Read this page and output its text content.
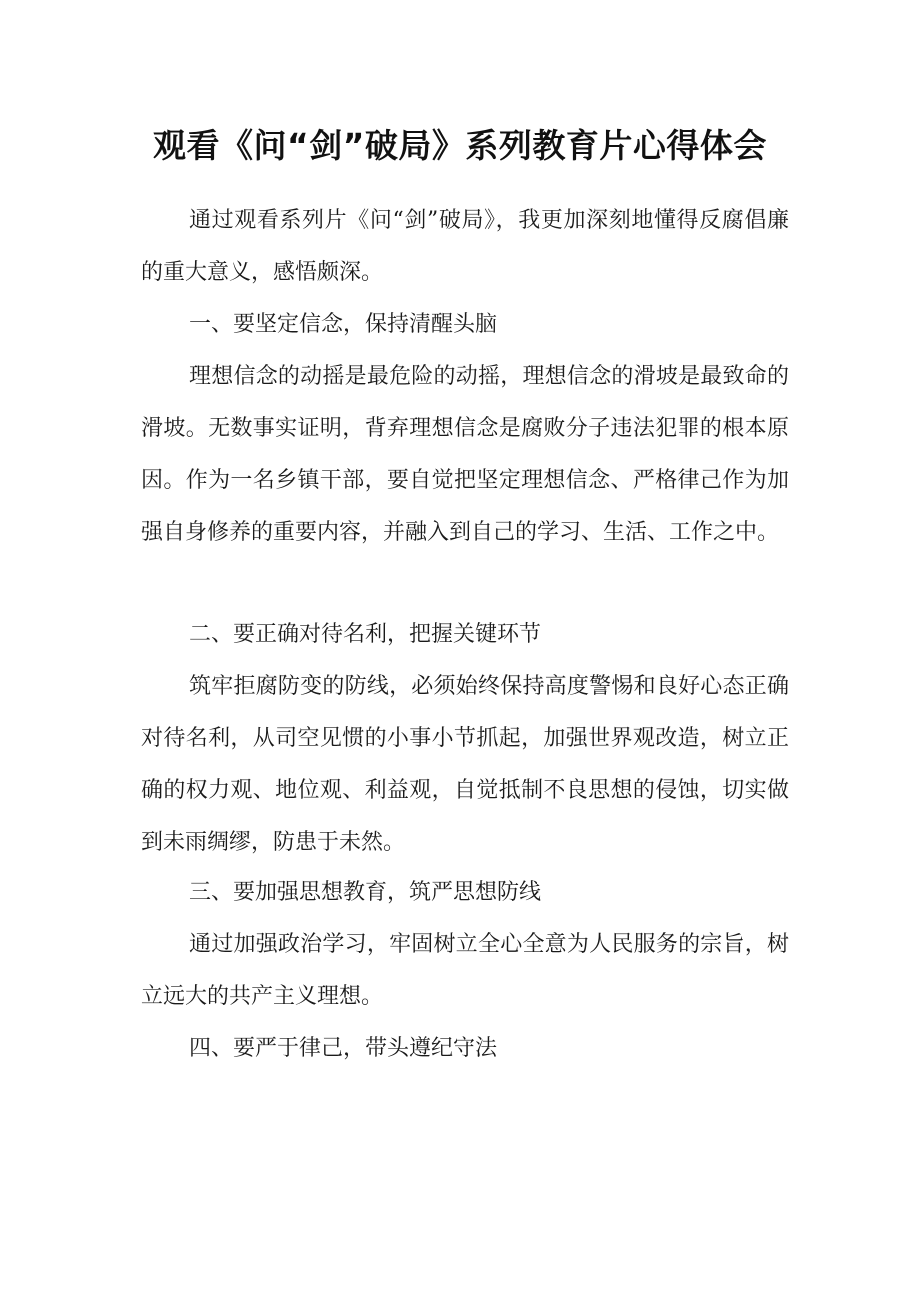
观看《问“剑”破局》系列教育片心得体会

通过观看系列片《问“剑”破局》，我更加深刻地懂得反腐倡廉的重大意义，感悟颇深。

一、要坚定信念，保持清醒头脑

理想信念的动摇是最危险的动摇，理想信念的滑坡是最致命的滑坡。无数事实证明，背弃理想信念是腐败分子违法犯罪的根本原因。作为一名乡镇干部，要自觉把坚定理想信念、严格律己作为加强自身修养的重要内容，并融入到自己的学习、生活、工作之中。

二、要正确对待名利，把握关键环节

筑牢拒腐防变的防线，必须始终保持高度警惕和良好心态正确对待名利，从司空见惯的小事小节抓起，加强世界观改造，树立正确的权力观、地位观、利益观，自觉抵制不良思想的侵蚀，切实做到未雨绸缪，防患于未然。

三、要加强思想教育，筑严思想防线

通过加强政治学习，牢固树立全心全意为人民服务的宗旨，树立远大的共产主义理想。

四、要严于律己，带头遵纪守法
